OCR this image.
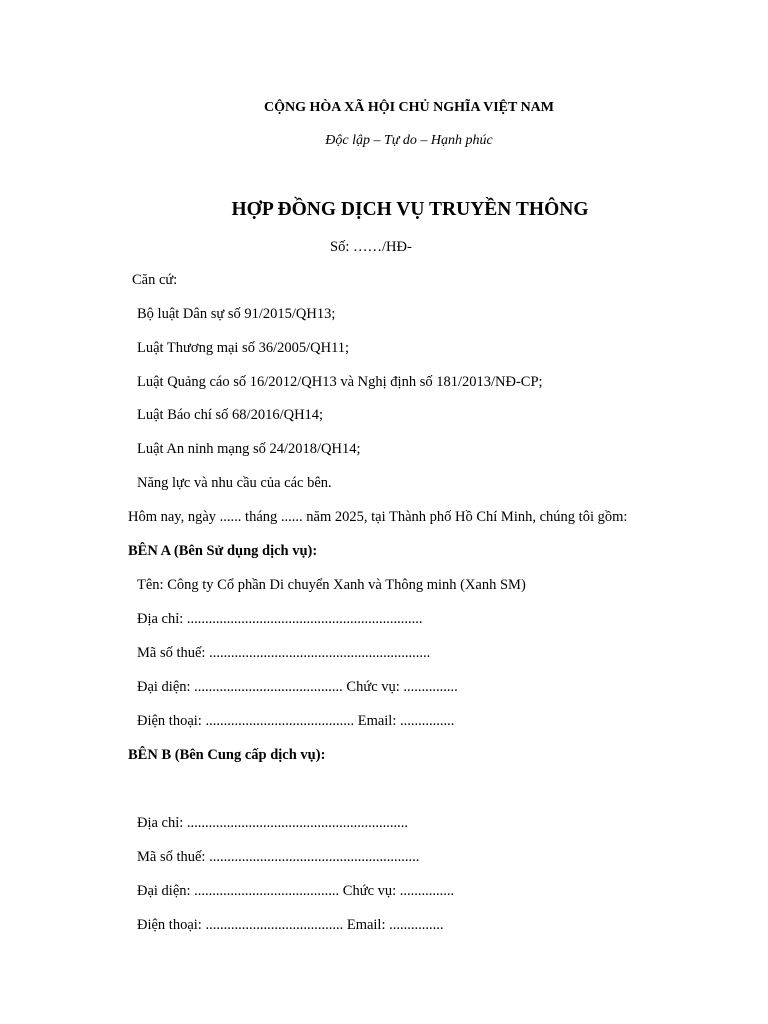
CỘNG HÒA XÃ HỘI CHỦ NGHĨA VIỆT NAM
Độc lập – Tự do – Hạnh phúc
HỢP ĐỒNG DỊCH VỤ TRUYỀN THÔNG
Số: ……/HĐ-
Căn cứ:
Bộ luật Dân sự số 91/2015/QH13;
Luật Thương mại số 36/2005/QH11;
Luật Quảng cáo số 16/2012/QH13 và Nghị định số 181/2013/NĐ-CP;
Luật Báo chí số 68/2016/QH14;
Luật An ninh mạng số 24/2018/QH14;
Năng lực và nhu cầu của các bên.
Hôm nay, ngày ...... tháng ...... năm 2025, tại Thành phố Hồ Chí Minh, chúng tôi gồm:
BÊN A (Bên Sử dụng dịch vụ):
Tên: Công ty Cổ phần Di chuyển Xanh và Thông minh (Xanh SM)
Địa chỉ: .................................................................
Mã số thuế: .............................................................
Đại diện: ......................................... Chức vụ: ...............
Điện thoại: ......................................... Email: ...............
BÊN B (Bên Cung cấp dịch vụ):
Địa chỉ: .............................................................
Mã số thuế: ..........................................................
Đại diện: ........................................ Chức vụ: ...............
Điện thoại: ...................................... Email: ...............
